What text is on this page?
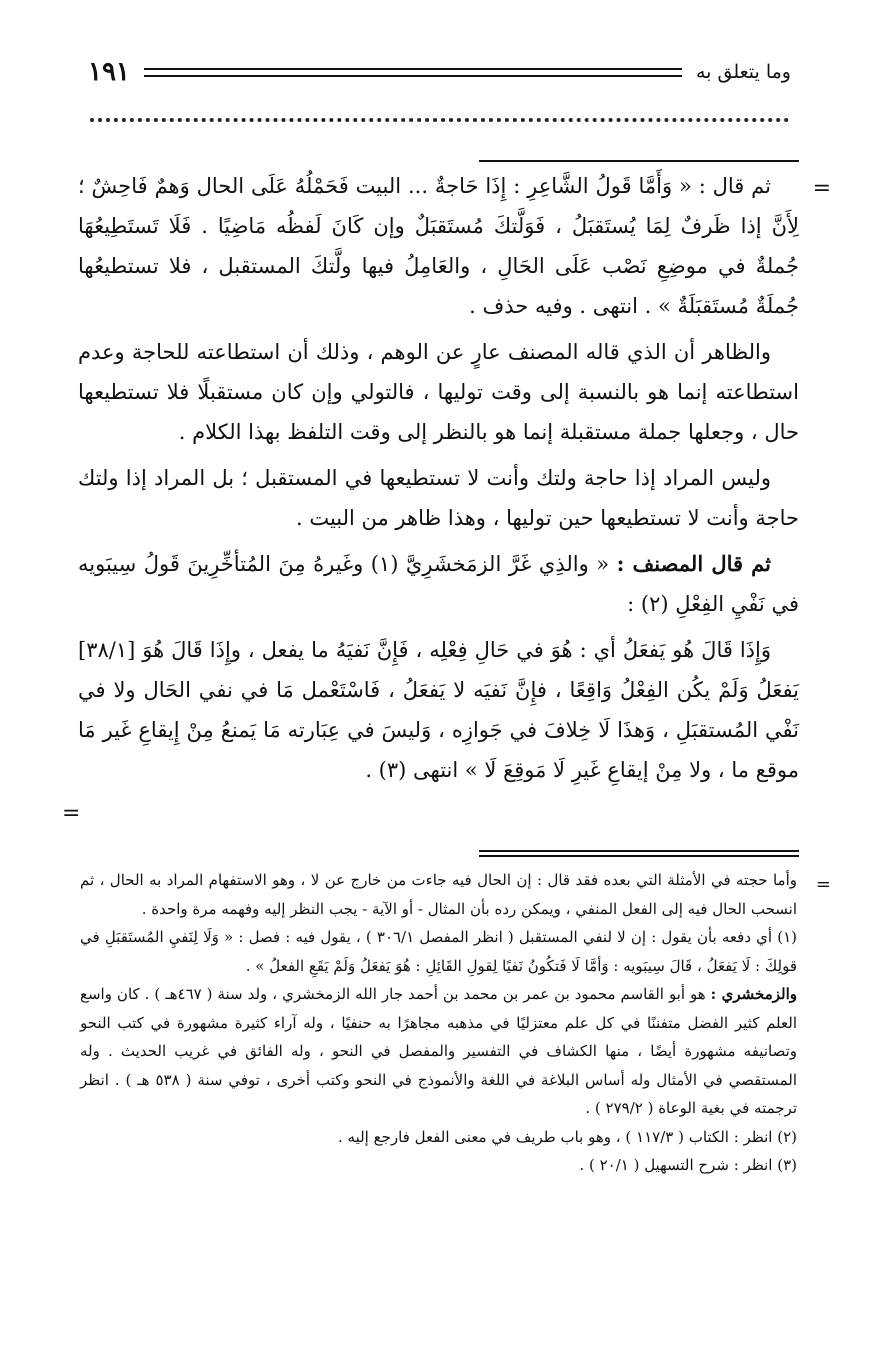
وما يتعلق به
١٩١
=
=

ثم قال : « وَأَمَّا قَولُ الشَّاعِرِ : إِذَا حَاجةٌ ... البيت فَحَمْلُهُ عَلَى الحال وَهمٌ فَاحِشٌ ؛ لِأَنَّ إذا ظَرفٌ لِمَا يُستَقبَلُ ، فَوَلَّتكَ مُستَقبَلٌ وإن كَانَ لَفظُه مَاضِيًا . فَلَا تَستَطِيعُهَا جُملةٌ في موضِعِ نَصْب عَلَى الحَالِ ، والعَامِلُ فيها ولَّتكَ المستقبل ، فلا تستطيعُها جُملَةٌ مُستَقبَلَةٌ » . انتهى . وفيه حذف .

والظاهر أن الذي قاله المصنف عارٍ عن الوهم ، وذلك أن استطاعته للحاجة وعدم استطاعته إنما هو بالنسبة إلى وقت توليها ، فالتولي وإن كان مستقبلًا فلا تستطيعها حال ، وجعلها جملة مستقبلة إنما هو بالنظر إلى وقت التلفظ بهذا الكلام .

وليس المراد إذا حاجة ولتك وأنت لا تستطيعها في المستقبل ؛ بل المراد إذا ولتك حاجة وأنت لا تستطيعها حين توليها ، وهذا ظاهر من البيت .

ثم قال المصنف : « والذِي غَرَّ الزمَخشَرِيَّ (١) وغَيرهُ مِنَ المُتأخِّرِينَ قَولُ سِيبَويه في نَفْيِ الفِعْلِ (٢) :

وَإِذَا قَالَ هُو يَفعَلُ أي : هُوَ في حَالِ فِعْلِه ، فَإِنَّ نَفيَهُ ما يفعل ، وإِذَا قَالَ هُوَ [٣٨/١] يَفعَلُ وَلَمْ يكُن الفِعْلُ وَاقِعًا ، فإِنَّ نَفيَه لا يَفعَلُ ، فَاسْتَعْمل مَا في نفي الحَال ولا في نَفْي المُستقبَلِ ، وَهذَا لَا خِلافَ في جَوازِه ، وَليسَ في عِبَارته مَا يَمنعُ مِنْ إِيقاعِ غَير مَا موقع ما ، ولا مِنْ إيقاعِ غَيرِ لَا مَوقِعَ لَا » انتهى (٣) .

=

وأما حجته في الأمثلة التي بعده فقد قال : إن الحال فيه جاءت من خارج عن لا ، وهو الاستفهام المراد به الحال ، ثم انسحب الحال فيه إلى الفعل المنفي ، ويمكن رده بأن المثال - أو الآية - يجب النظر إليه وفهمه مرة واحدة .

(١) أي دفعه بأن يقول : إن لا لنفي المستقبل ( انظر المفصل ٣٠٦/١ ) ، يقول فيه : فصل : « وَلَا لِنَفيِ المُستَقبَلِ في قولِكَ : لَا يَفعَلُ ، قَالَ سِيبَويه : وَأمَّا لَا فَتكُونُ نَفيًا لِقولِ القَائِلِ : هُوَ يَفعَلُ وَلَمْ يَقَعِ الفعلُ » .

والزمخشري : هو أبو القاسم محمود بن عمر بن محمد بن أحمد جار الله الزمخشري ، ولد سنة ( ٤٦٧هـ ) . كان واسع العلم كثير الفضل متفننًا في كل علم معتزليًا في مذهبه مجاهرًا به حنفيًا ، وله آراء كثيرة مشهورة في كتب النحو وتصانيفه مشهورة أيضًا ، منها الكشاف في التفسير والمفصل في النحو ، وله الفائق في غريب الحديث . وله المستقصي في الأمثال وله أساس البلاغة في اللغة والأنموذج في النحو وكتب أخرى ، توفي سنة ( ٥٣٨ هـ ) . انظر ترجمته في بغية الوعاة ( ٢٧٩/٢ ) .

(٢) انظر : الكتاب ( ١١٧/٣ ) ، وهو باب طريف في معنى الفعل فارجع إليه .

(٣) انظر : شرح التسهيل ( ٢٠/١ ) .
